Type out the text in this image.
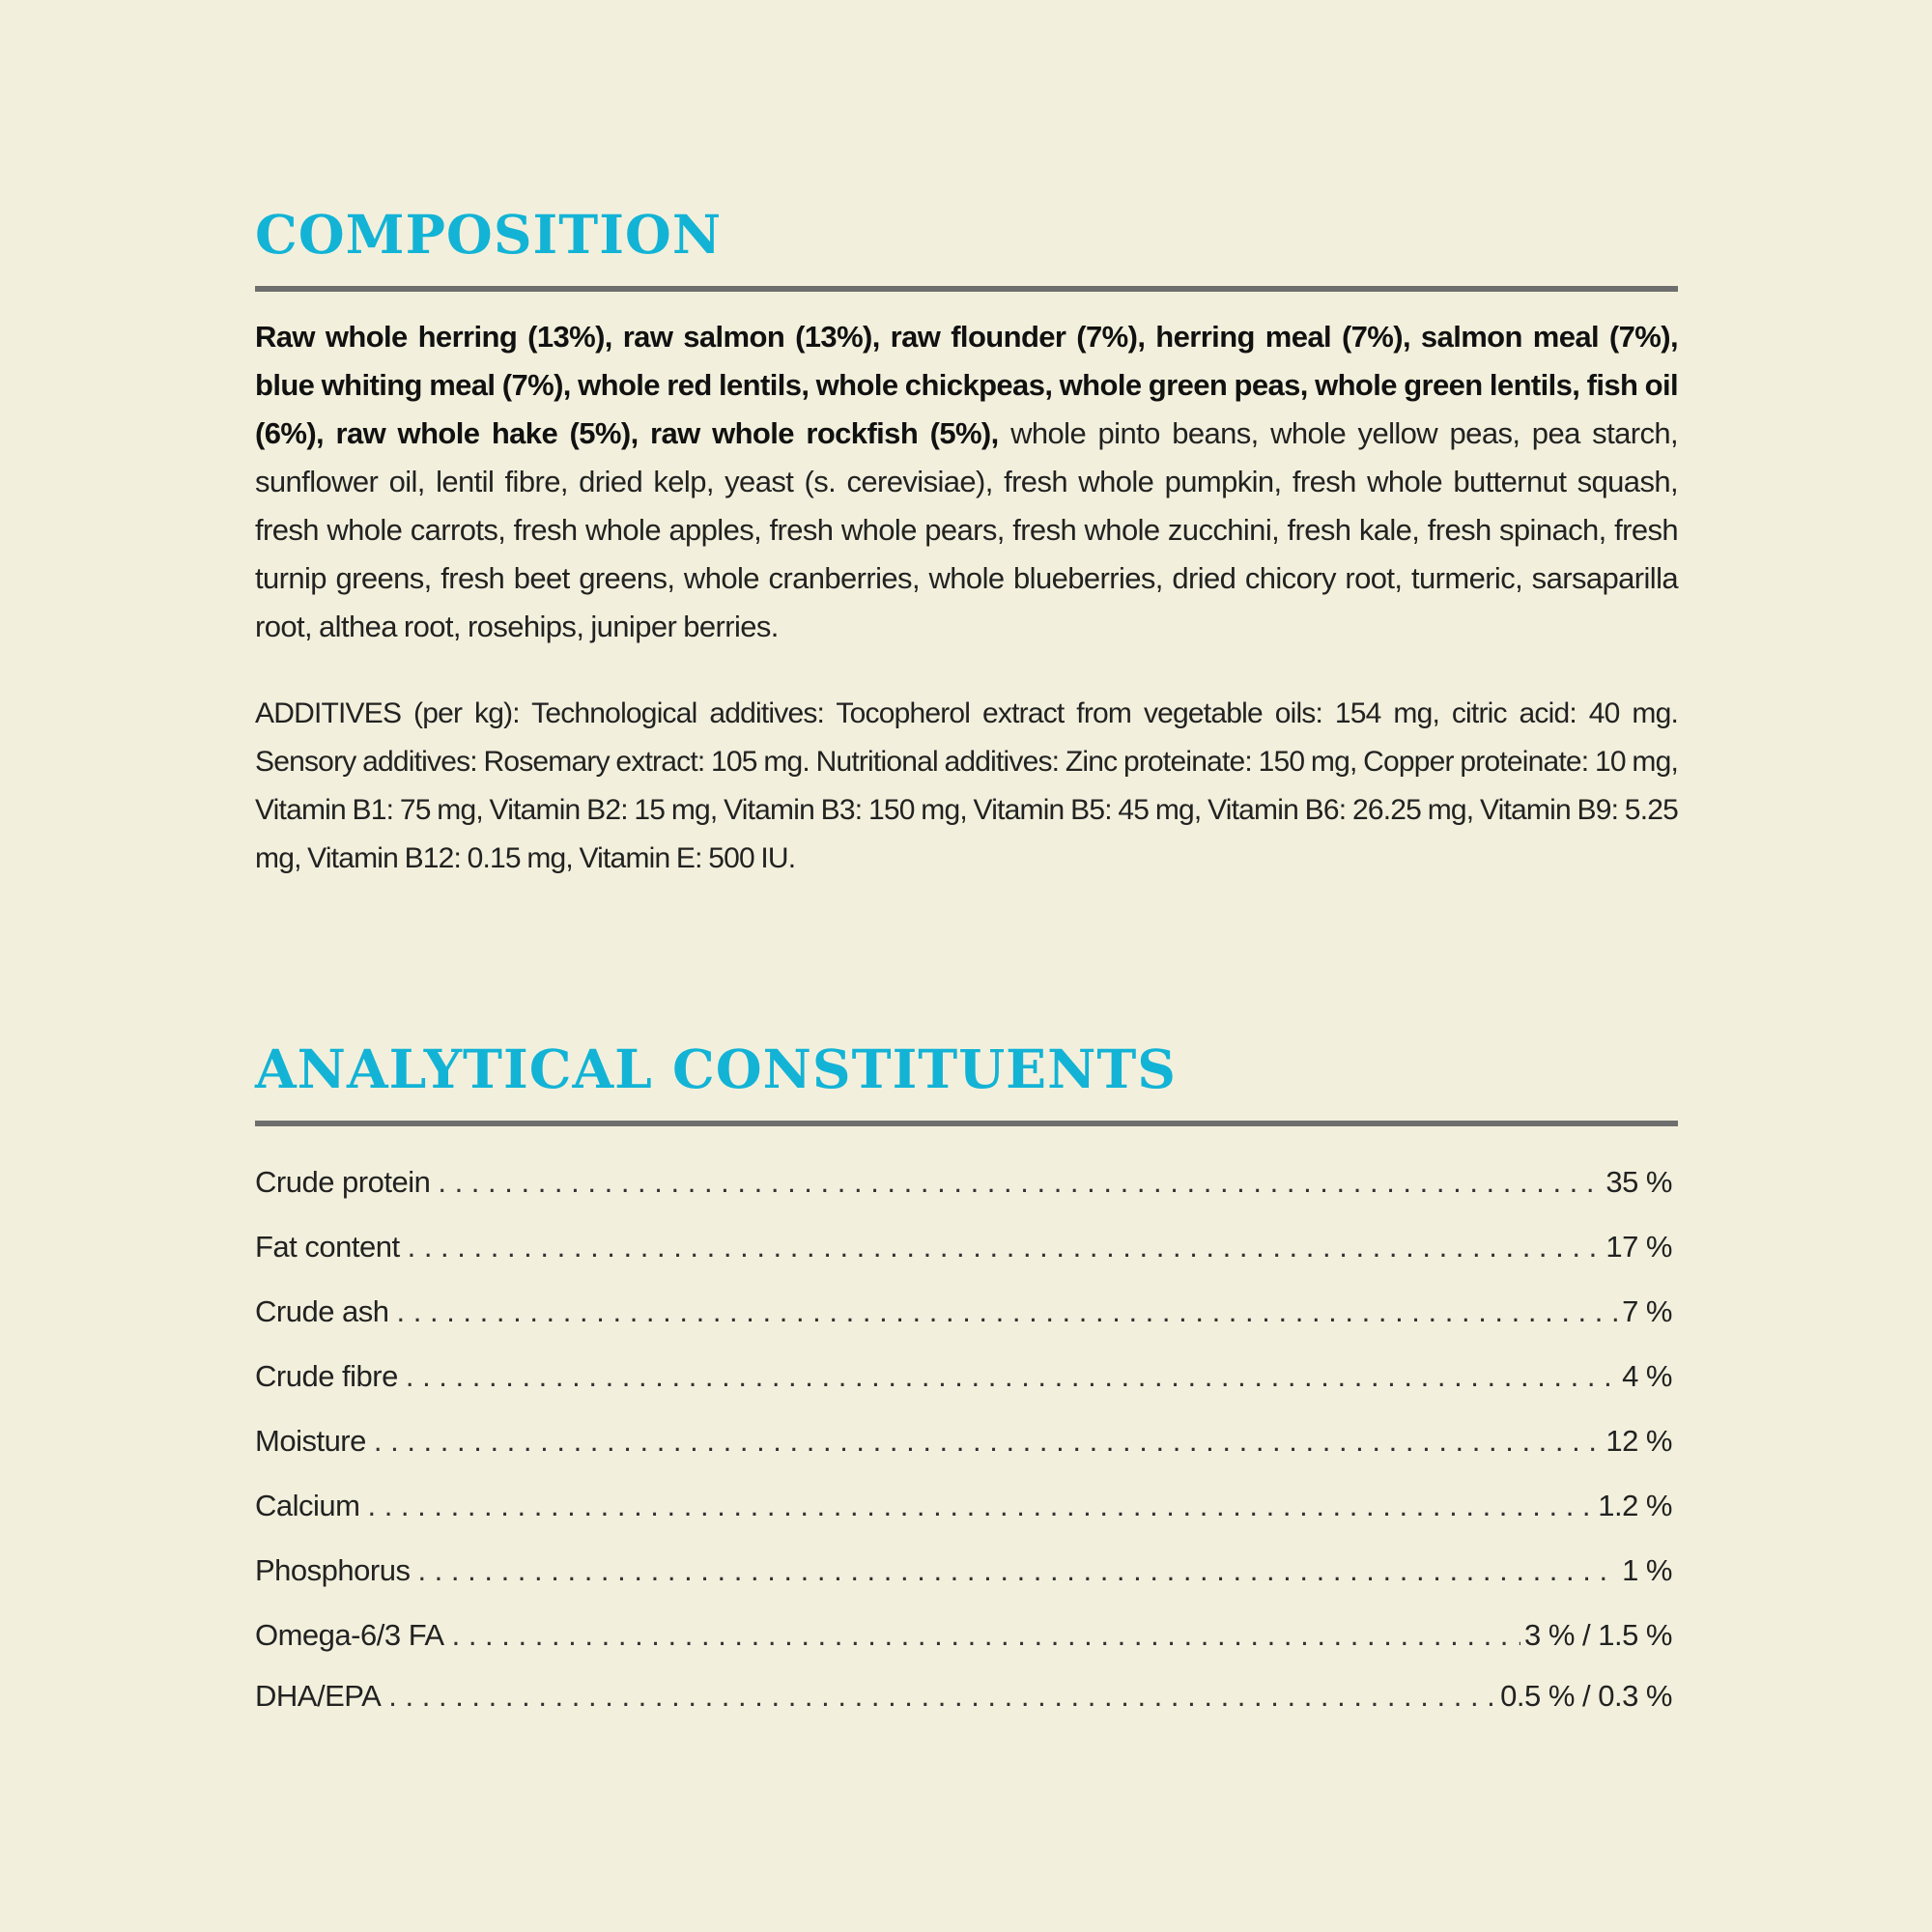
COMPOSITION

Raw whole herring (13%), raw salmon (13%), raw flounder (7%), herring meal (7%), salmon meal (7%), blue whiting meal (7%), whole red lentils, whole chickpeas, whole green peas, whole green lentils, fish oil (6%), raw whole hake (5%), raw whole rockfish (5%), whole pinto beans, whole yellow peas, pea starch, sunflower oil, lentil fibre, dried kelp, yeast (s. cerevisiae), fresh whole pumpkin, fresh whole butternut squash, fresh whole carrots, fresh whole apples, fresh whole pears, fresh whole zucchini, fresh kale, fresh spinach, fresh turnip greens, fresh beet greens, whole cranberries, whole blueberries, dried chicory root, turmeric, sarsaparilla root, althea root, rosehips, juniper berries.

ADDITIVES (per kg): Technological additives: Tocopherol extract from vegetable oils: 154 mg, citric acid: 40 mg. Sensory additives: Rosemary extract: 105 mg. Nutritional additives: Zinc proteinate: 150 mg, Copper proteinate: 10 mg, Vitamin B1: 75 mg, Vitamin B2: 15 mg, Vitamin B3: 150 mg, Vitamin B5: 45 mg, Vitamin B6: 26.25 mg, Vitamin B9: 5.25 mg, Vitamin B12: 0.15 mg, Vitamin E: 500 IU.

ANALYTICAL CONSTITUENTS
Crude protein . . .	35 %
Fat content . . .	17 %
Crude ash . . .	7 %
Crude fibre . . .	4 %
Moisture . . .	12 %
Calcium . . .	1.2 %
Phosphorus . . .	1 %
Omega-6/3 FA . . .	3 % / 1.5 %
DHA/EPA . . .	0.5 % / 0.3 %
